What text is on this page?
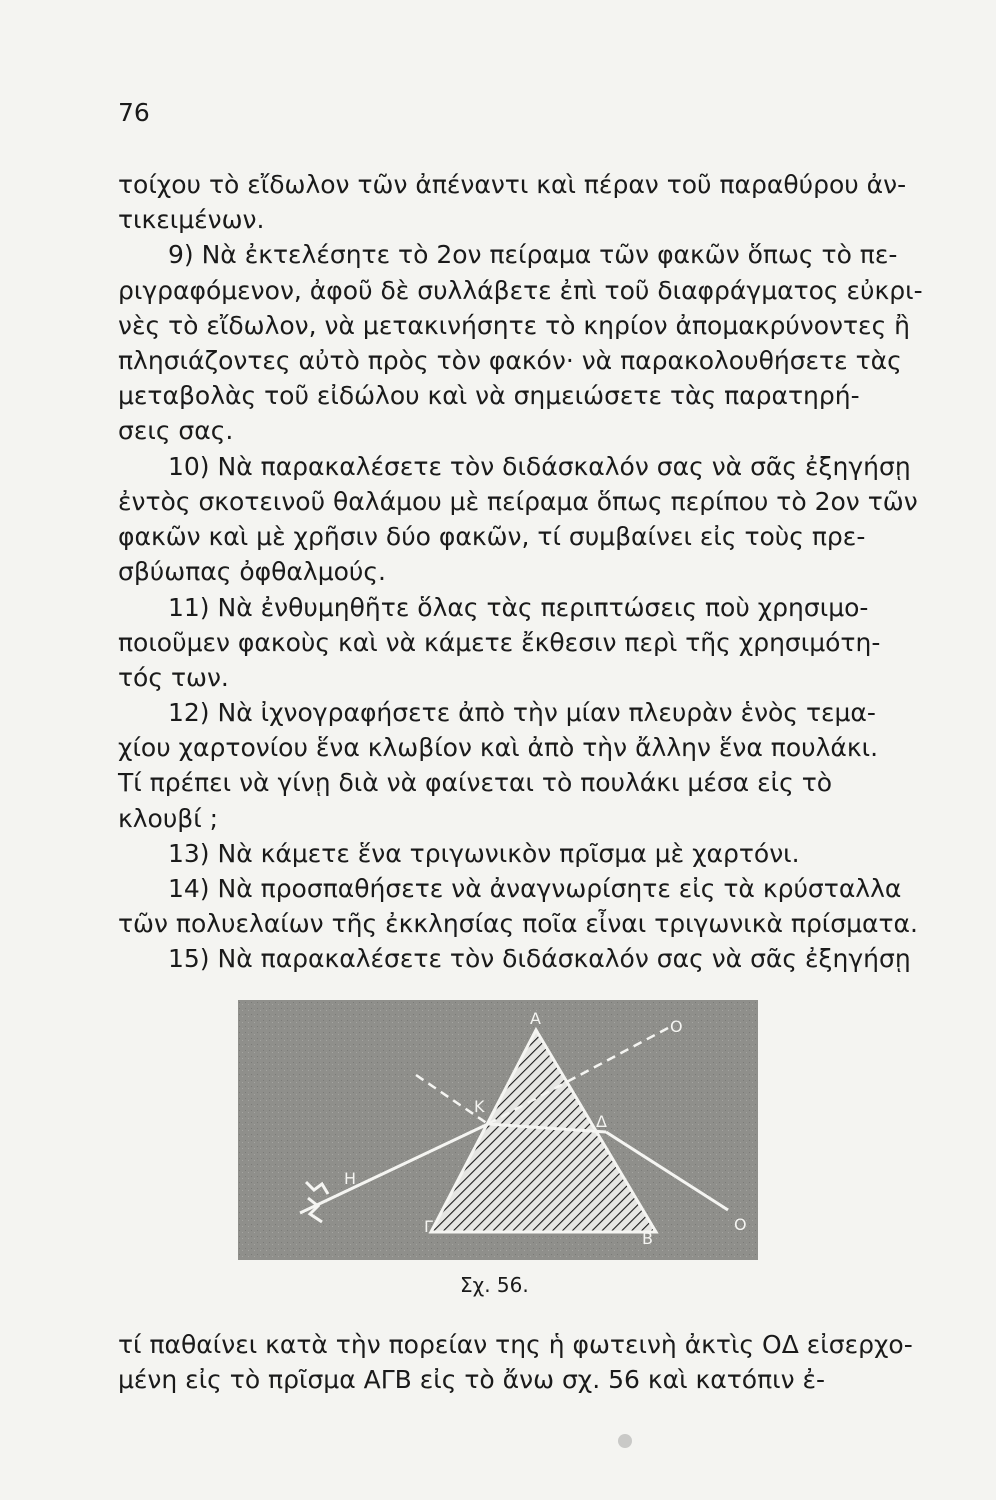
76
τοίχου τὸ εἴδωλον τῶν ἀπέναντι καὶ πέραν τοῦ παραθύρου ἀν-
τικειμένων.
9) Νὰ ἐκτελέσητε τὸ 2ον πείραμα τῶν φακῶν ὅπως τὸ πε-
ριγραφόμενον, ἀφοῦ δὲ συλλάβετε ἐπὶ τοῦ διαφράγματος εὐκρι-
νὲς τὸ εἴδωλον, νὰ μετακινήσητε τὸ κηρίον ἀπομακρύνοντες ἢ
πλησιάζοντες αὐτὸ πρὸς τὸν φακόν· νὰ παρακολουθήσετε τὰς
μεταβολὰς τοῦ εἰδώλου καὶ νὰ σημειώσετε τὰς παρατηρή-
σεις σας.
10) Νὰ παρακαλέσετε τὸν διδάσκαλόν σας νὰ σᾶς ἐξηγήσῃ
ἐντὸς σκοτεινοῦ θαλάμου μὲ πείραμα ὅπως περίπου τὸ 2ον τῶν
φακῶν καὶ μὲ χρῆσιν δύο φακῶν, τί συμβαίνει εἰς τοὺς πρε-
σβύωπας ὀφθαλμούς.
11) Νὰ ἐνθυμηθῆτε ὅλας τὰς περιπτώσεις ποὺ χρησιμο-
ποιοῦμεν φακοὺς καὶ νὰ κάμετε ἔκθεσιν περὶ τῆς χρησιμότη-
τός των.
12) Νὰ ἰχνογραφήσετε ἀπὸ τὴν μίαν πλευρὰν ἑνὸς τεμα-
χίου χαρτονίου ἕνα κλωβίον καὶ ἀπὸ τὴν ἄλλην ἕνα πουλάκι.
Τί πρέπει νὰ γίνῃ διὰ νὰ φαίνεται τὸ πουλάκι μέσα εἰς τὸ
κλουβί ;
13) Νὰ κάμετε ἕνα τριγωνικὸν πρῖσμα μὲ χαρτόνι.
14) Νὰ προσπαθήσετε νὰ ἀναγνωρίσητε εἰς τὰ κρύσταλλα
τῶν πολυελαίων τῆς ἐκκλησίας ποῖα εἶναι τριγωνικὰ πρίσματα.
15) Νὰ παρακαλέσετε τὸν διδάσκαλόν σας νὰ σᾶς ἐξηγήσῃ
Α	Ο
Κ
Δ
Η
Γ
Β
Ο
Σχ. 56.
τί παθαίνει κατὰ τὴν πορείαν της ἡ φωτεινὴ ἀκτὶς ΟΔ εἰσερχο-
μένη εἰς τὸ πρῖσμα ΑΓΒ εἰς τὸ ἄνω σχ. 56 καὶ κατόπιν ἐ-
